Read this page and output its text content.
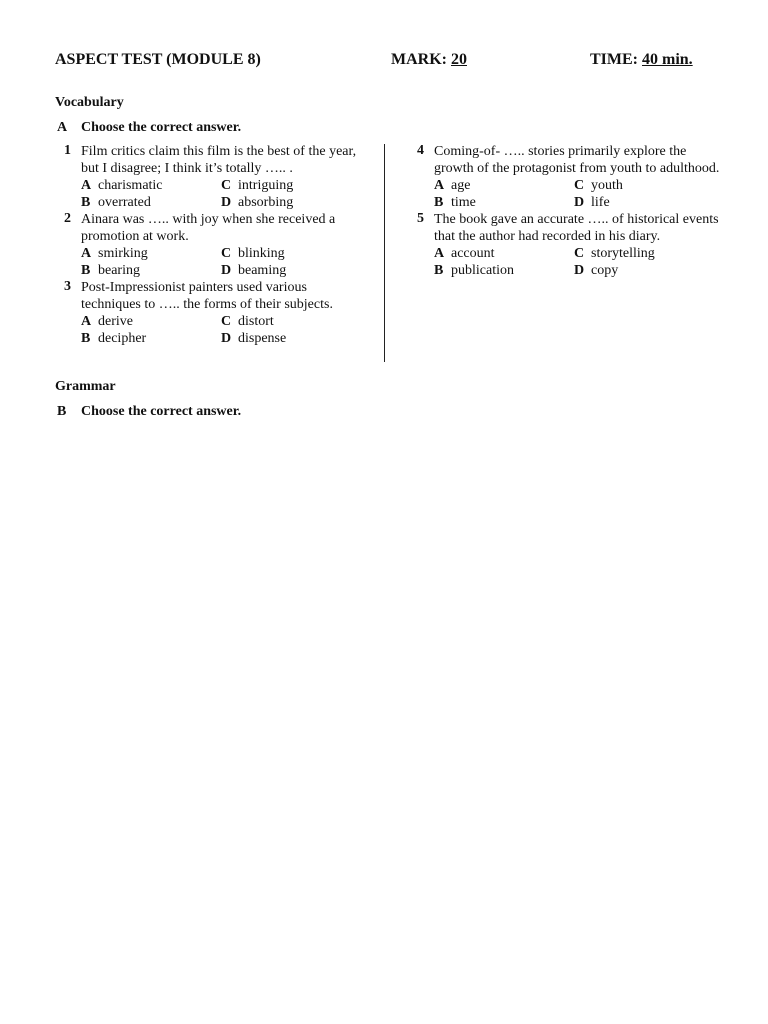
ASPECT TEST (MODULE 8)	MARK: 20	TIME: 40 min.
Vocabulary
A Choose the correct answer.
1 Film critics claim this film is the best of the year, but I disagree; I think it’s totally ….. .
A charismatic	C intriguing
B overrated	D absorbing
2 Ainara was ….. with joy when she received a promotion at work.
A smirking	C blinking
B bearing	D beaming
3 Post-Impressionist painters used various techniques to ….. the forms of their subjects.
A derive	C distort
B decipher	D dispense
4 Coming-of- ….. stories primarily explore the growth of the protagonist from youth to adulthood.
A age	C youth
B time	D life
5 The book gave an accurate ….. of historical events that the author had recorded in his diary.
A account	C storytelling
B publication	D copy
Grammar
B Choose the correct answer.
